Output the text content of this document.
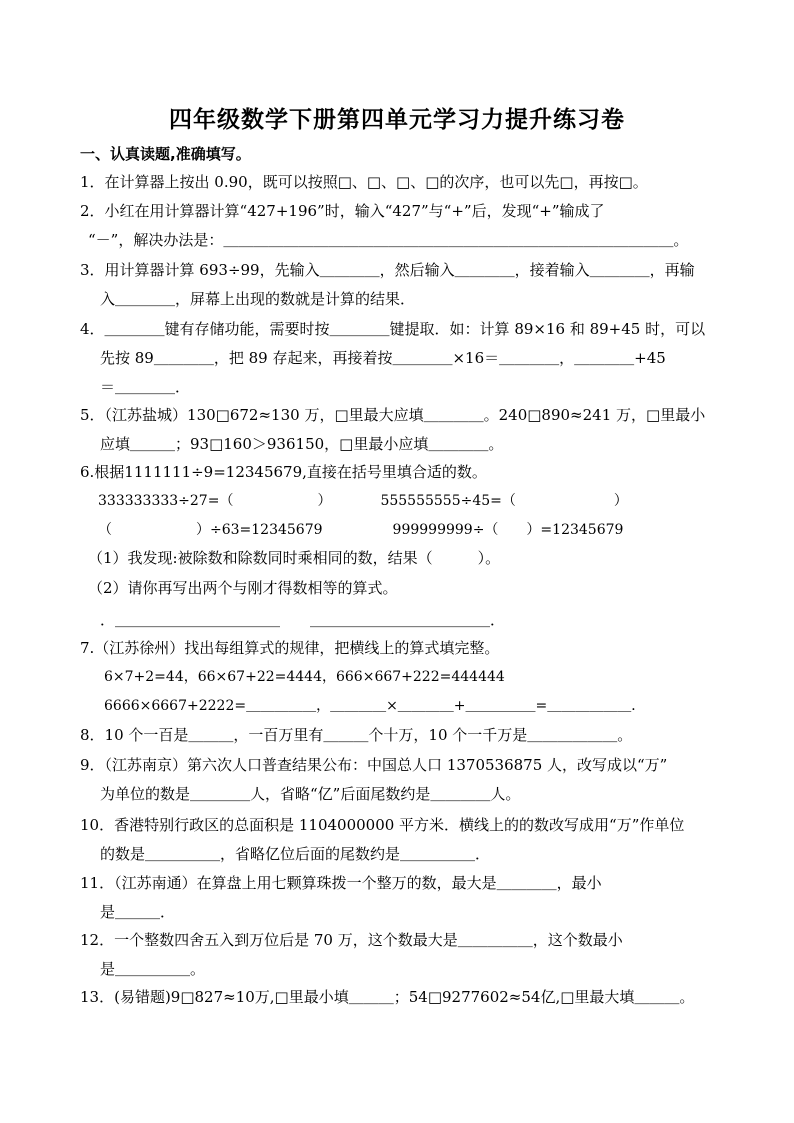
四年级数学下册第四单元学习力提升练习卷
一、认真读题,准确填写。
1．在计算器上按出 0.90，既可以按照□、□、□、□的次序，也可以先□，再按□。
2．小红在用计算器计算“427+196”时，输入“427”与“+”后，发现“+”输成了
“－”，解决办法是：＿＿＿＿＿＿＿＿＿＿＿＿＿＿＿＿＿＿＿＿＿＿＿＿＿＿＿＿＿＿。
3．用计算器计算 693÷99，先输入＿＿＿＿，然后输入＿＿＿＿，接着输入＿＿＿＿，再输
入＿＿＿＿，屏幕上出现的数就是计算的结果．
4．＿＿＿＿键有存储功能，需要时按＿＿＿＿键提取．如：计算 89×16 和 89+45 时，可以
先按 89＿＿＿＿，把 89 存起来，再接着按＿＿＿＿×16＝＿＿＿＿，＿＿＿＿+45
＝＿＿＿＿．
5．（江苏盐城）130□672≈130 万，□里最大应填＿＿＿＿。240□890≈241 万，□里最小
应填＿＿＿；93□160＞936150，□里最小应填＿＿＿＿。
6.根据1111111÷9=12345679,直接在括号里填合适的数。
333333333÷27=（　　　　　　）　　　　555555555÷45=（　　　　　　　）
（　　　　　　）÷63=12345679　　　　　999999999÷（　　）=12345679
（1）我发现:被除数和除数同时乘相同的数，结果（　　　）。
（2）请你再写出两个与刚才得数相等的算式。
．＿＿＿＿＿＿＿＿＿＿＿　　＿＿＿＿＿＿＿＿＿＿＿＿．
7.（江苏徐州）找出每组算式的规律，把横线上的算式填完整。
6×7+2=44，66×67+22=4444，666×667+222=444444
6666×6667+2222=＿＿＿＿＿，＿＿＿＿×＿＿＿＿+＿＿＿＿＿=＿＿＿＿＿＿．
8．10 个一百是＿＿＿，一百万里有＿＿＿个十万，10 个一千万是＿＿＿＿＿＿。
9．（江苏南京）第六次人口普查结果公布：中国总人口 1370536875 人，改写成以“万”
为单位的数是＿＿＿＿人，省略“亿”后面尾数约是＿＿＿＿人。
10．香港特别行政区的总面积是 1104000000 平方米．横线上的的数改写成用“万”作单位
的数是＿＿＿＿＿，省略亿位后面的尾数约是＿＿＿＿＿．
11．（江苏南通）在算盘上用七颗算珠拨一个整万的数，最大是＿＿＿＿，最小
是＿＿＿．
12．一个整数四舍五入到万位后是 70 万，这个数最大是＿＿＿＿＿，这个数最小
是＿＿＿＿＿。
13．(易错题)9□827≈10万,□里最小填＿＿＿；54□9277602≈54亿,□里最大填＿＿＿。
